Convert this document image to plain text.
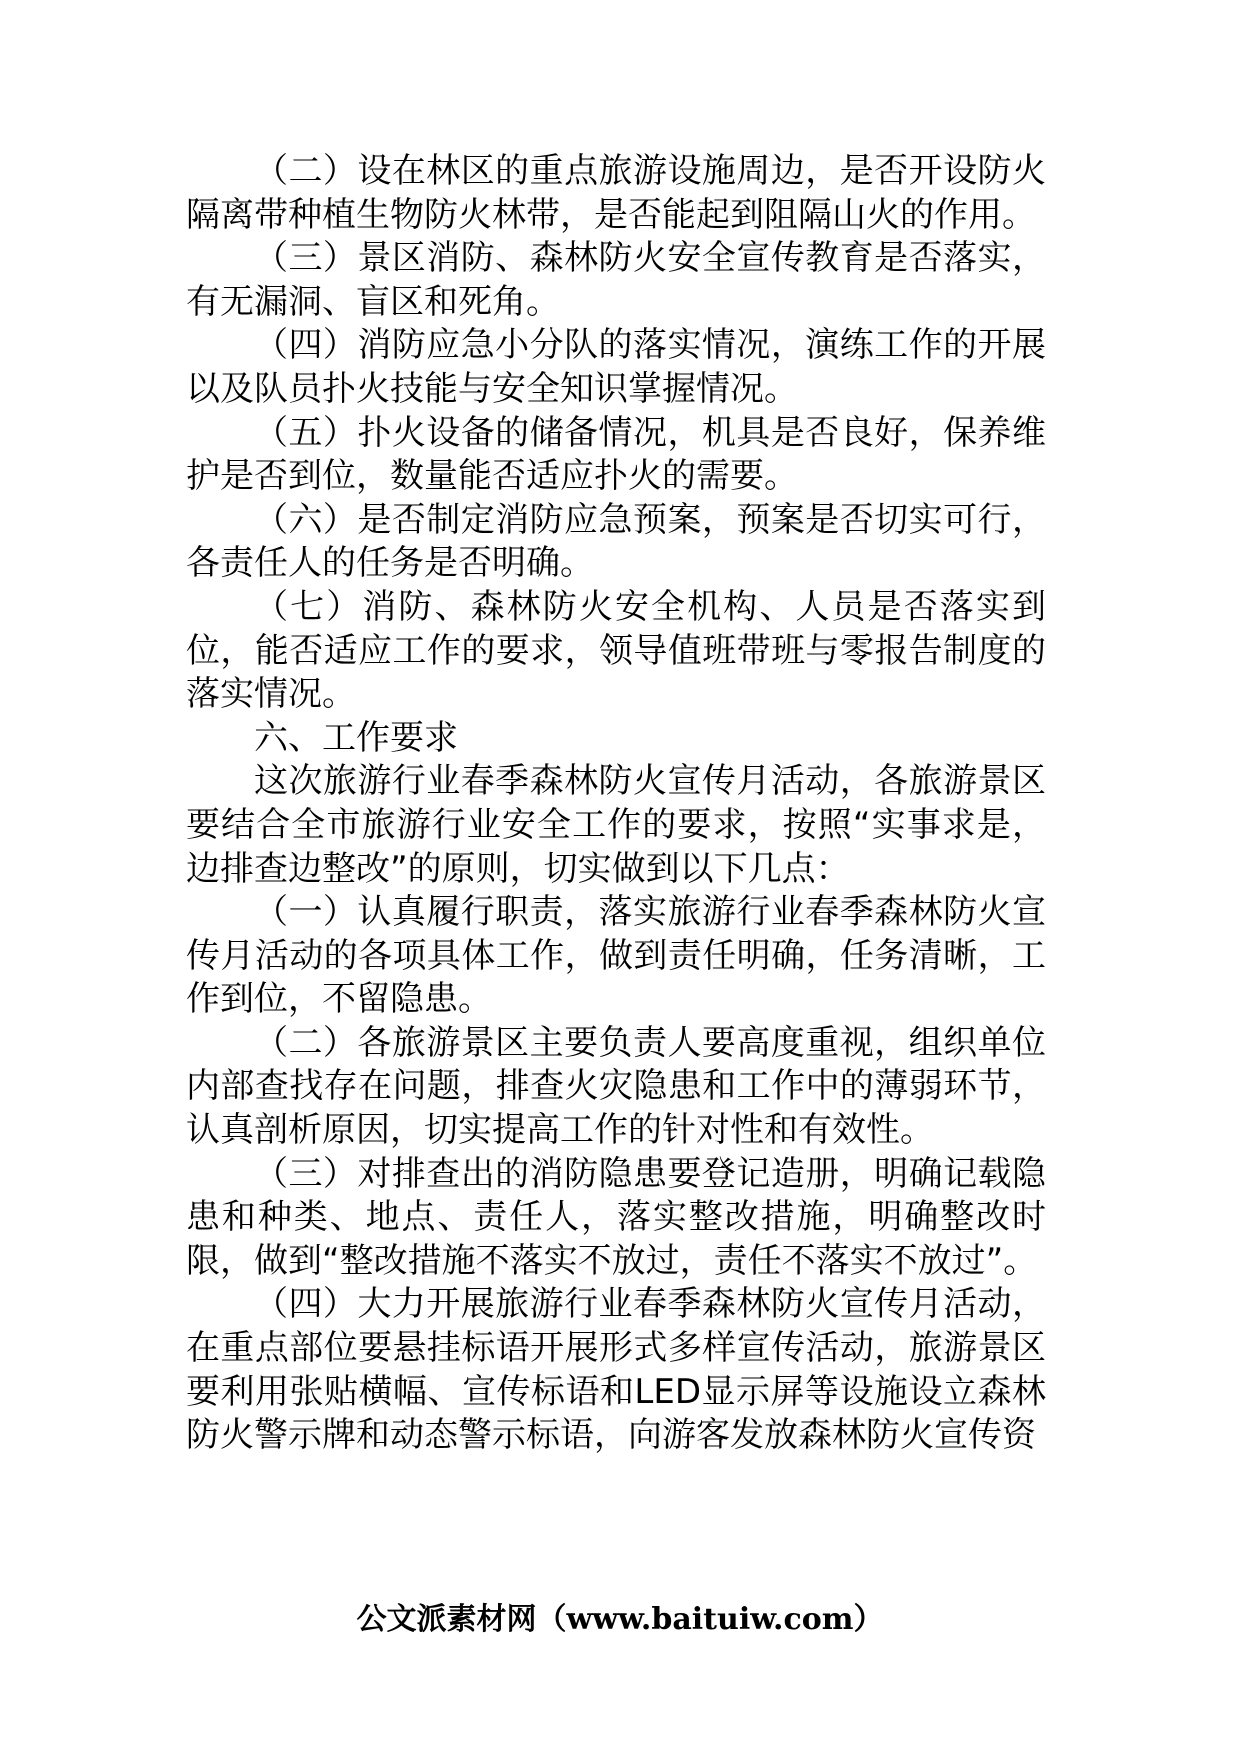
（二）设在林区的重点旅游设施周边，是否开设防火隔离带种植生物防火林带，是否能起到阻隔山火的作用。

（三）景区消防、森林防火安全宣传教育是否落实，有无漏洞、盲区和死角。

（四）消防应急小分队的落实情况，演练工作的开展以及队员扑火技能与安全知识掌握情况。

（五）扑火设备的储备情况，机具是否良好，保养维护是否到位，数量能否适应扑火的需要。

（六）是否制定消防应急预案，预案是否切实可行，各责任人的任务是否明确。

（七）消防、森林防火安全机构、人员是否落实到位，能否适应工作的要求，领导值班带班与零报告制度的落实情况。

六、工作要求

这次旅游行业春季森林防火宣传月活动，各旅游景区要结合全市旅游行业安全工作的要求，按照“实事求是，边排查边整改”的原则，切实做到以下几点：

（一）认真履行职责，落实旅游行业春季森林防火宣传月活动的各项具体工作，做到责任明确，任务清晰，工作到位，不留隐患。

（二）各旅游景区主要负责人要高度重视，组织单位内部查找存在问题，排查火灾隐患和工作中的薄弱环节，认真剖析原因，切实提高工作的针对性和有效性。

（三）对排查出的消防隐患要登记造册，明确记载隐患和种类、地点、责任人，落实整改措施，明确整改时限，做到“整改措施不落实不放过，责任不落实不放过”。

（四）大力开展旅游行业春季森林防火宣传月活动，在重点部位要悬挂标语开展形式多样宣传活动，旅游景区要利用张贴横幅、宣传标语和LED显示屏等设施设立森林防火警示牌和动态警示标语，向游客发放森林防火宣传资

公文派素材网（www.baituiw.com）
